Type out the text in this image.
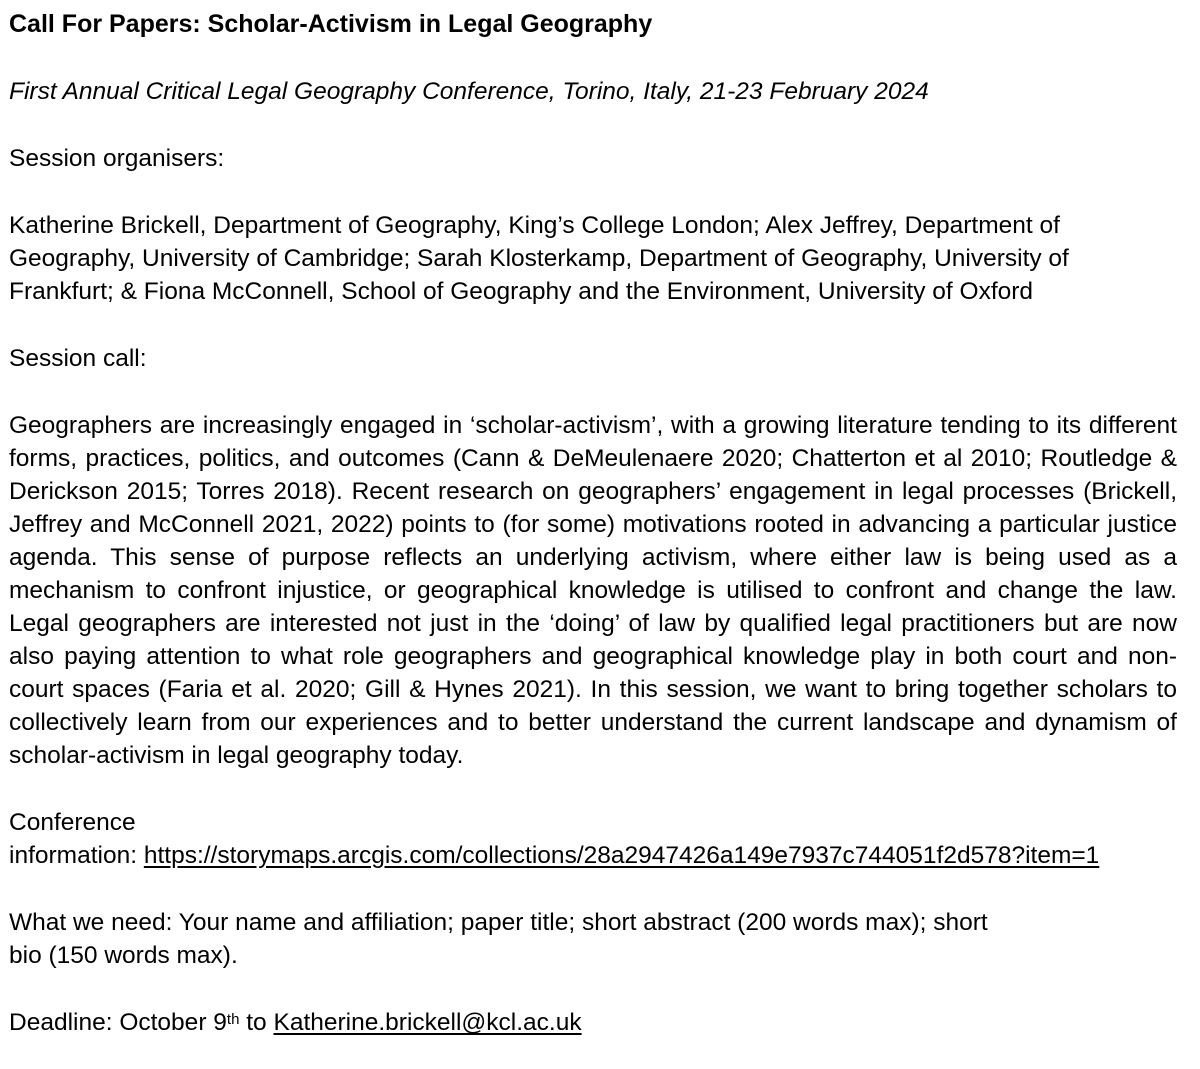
Call For Papers: Scholar-Activism in Legal Geography

First Annual Critical Legal Geography Conference, Torino, Italy, 21-23 February 2024

Session organisers:

Katherine Brickell, Department of Geography, King’s College London; Alex Jeffrey, Department of Geography, University of Cambridge; Sarah Klosterkamp, Department of Geography, University of Frankfurt; & Fiona McConnell, School of Geography and the Environment, University of Oxford

Session call:

Geographers are increasingly engaged in ‘scholar-activism’, with a growing literature tending to its different forms, practices, politics, and outcomes (Cann & DeMeulenaere 2020; Chatterton et al 2010; Routledge & Derickson 2015; Torres 2018). Recent research on geographers’ engagement in legal processes (Brickell, Jeffrey and McConnell 2021, 2022) points to (for some) motivations rooted in advancing a particular justice agenda. This sense of purpose reflects an underlying activism, where either law is being used as a mechanism to confront injustice, or geographical knowledge is utilised to confront and change the law. Legal geographers are interested not just in the ‘doing’ of law by qualified legal practitioners but are now also paying attention to what role geographers and geographical knowledge play in both court and non-court spaces (Faria et al. 2020; Gill & Hynes 2021). In this session, we want to bring together scholars to collectively learn from our experiences and to better understand the current landscape and dynamism of scholar-activism in legal geography today.

Conference
information: https://storymaps.arcgis.com/collections/28a2947426a149e7937c744051f2d578?item=1
What we need: Your name and affiliation; paper title; short abstract (200 words max); short
bio (150 words max).

Deadline: October 9th to Katherine.brickell@kcl.ac.uk
